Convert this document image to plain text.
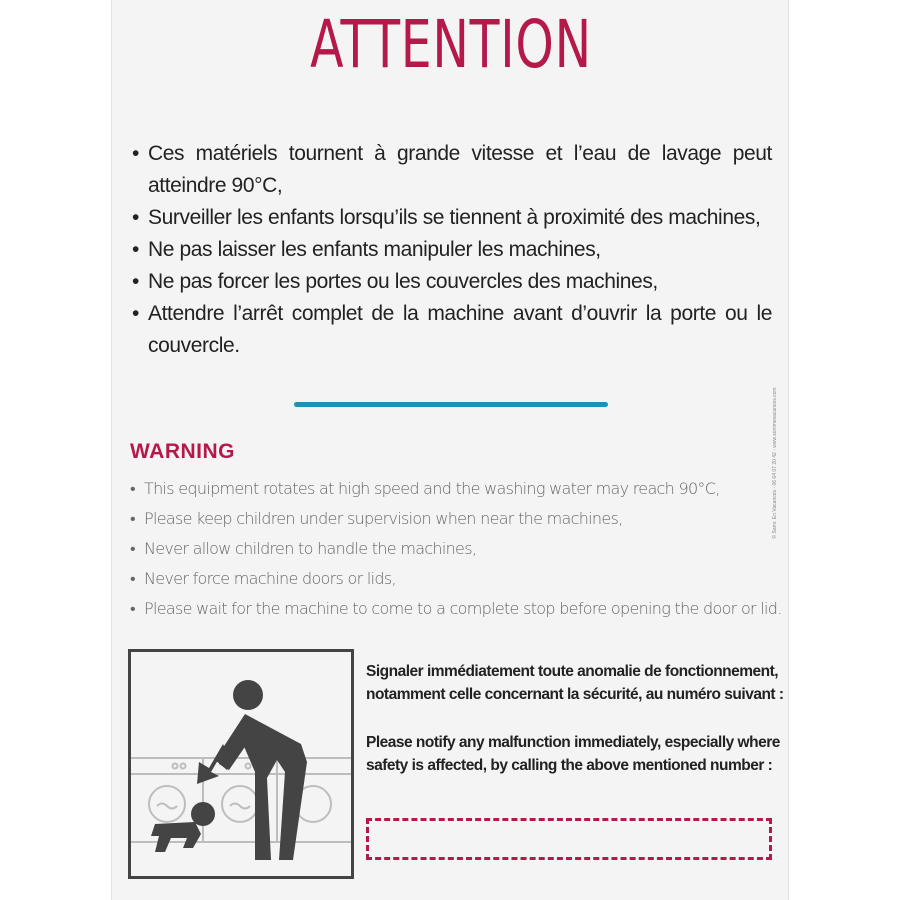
ATTENTION
• Ces matériels tournent à grande vitesse et l’eau de lavage peut atteindre 90°C,
• Surveiller les enfants lorsqu’ils se tiennent à proximité des machines,
• Ne pas laisser les enfants manipuler les machines,
• Ne pas forcer les portes ou les couvercles des machines,
• Attendre l’arrêt complet de la machine avant d’ouvrir la porte ou le couvercle.
WARNING
• This equipment rotates at high speed and the washing water may reach 90°C,
• Please keep children under supervision when near the machines,
• Never allow children to handle the machines,
• Never force machine doors or lids,
• Please wait for the machine to come to a complete stop before opening the door or lid.
© Samr. En Vacances - 06 64 07 20 42 - www.sommevacances.com

Signaler immédiatement toute anomalie de fonctionnement, notamment celle concernant la sécurité, au numéro suivant :

Please notify any malfunction immediately, especially where safety is affected, by calling the above mentioned number :
